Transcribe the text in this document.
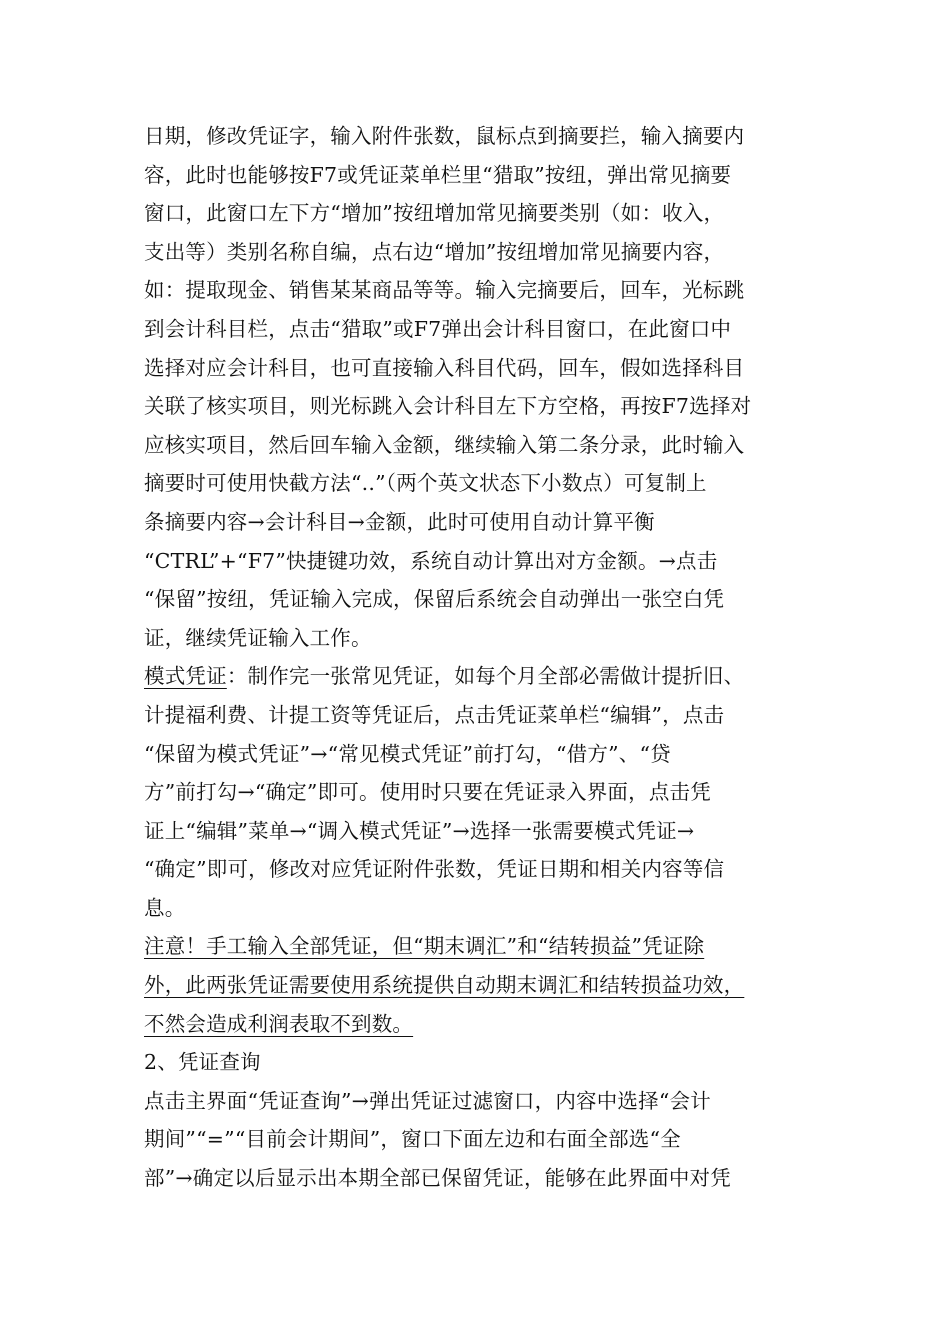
日期，修改凭证字，输入附件张数，鼠标点到摘要拦，输入摘要内
容，此时也能够按F7或凭证菜单栏里“猎取”按纽，弹出常见摘要
窗口，此窗口左下方“增加”按纽增加常见摘要类别（如：收入，
支出等）类别名称自编，点右边“增加”按纽增加常见摘要内容，
如：提取现金、销售某某商品等等。输入完摘要后，回车，光标跳
到会计科目栏，点击“猎取”或F7弹出会计科目窗口，在此窗口中
选择对应会计科目，也可直接输入科目代码，回车，假如选择科目
关联了核实项目，则光标跳入会计科目左下方空格，再按F7选择对
应核实项目，然后回车输入金额，继续输入第二条分录，此时输入
摘要时可使用快截方法“..”（两个英文状态下小数点）可复制上
条摘要内容→会计科目→金额，此时可使用自动计算平衡
“CTRL”+“F7”快捷键功效，系统自动计算出对方金额。→点击
“保留”按纽，凭证输入完成，保留后系统会自动弹出一张空白凭
证，继续凭证输入工作。
模式凭证：制作完一张常见凭证，如每个月全部必需做计提折旧、
计提福利费、计提工资等凭证后，点击凭证菜单栏“编辑”，点击
“保留为模式凭证”→“常见模式凭证”前打勾，“借方”、“贷
方”前打勾→“确定”即可。使用时只要在凭证录入界面，点击凭
证上“编辑”菜单→“调入模式凭证”→选择一张需要模式凭证→
“确定”即可，修改对应凭证附件张数，凭证日期和相关内容等信
息。
注意！手工输入全部凭证，但“期末调汇”和“结转损益”凭证除
外，此两张凭证需要使用系统提供自动期末调汇和结转损益功效，
不然会造成利润表取不到数。
2、凭证查询
点击主界面“凭证查询”→弹出凭证过滤窗口，内容中选择“会计
期间”“=”“目前会计期间”，窗口下面左边和右面全部选“全
部”→确定以后显示出本期全部已保留凭证，能够在此界面中对凭
